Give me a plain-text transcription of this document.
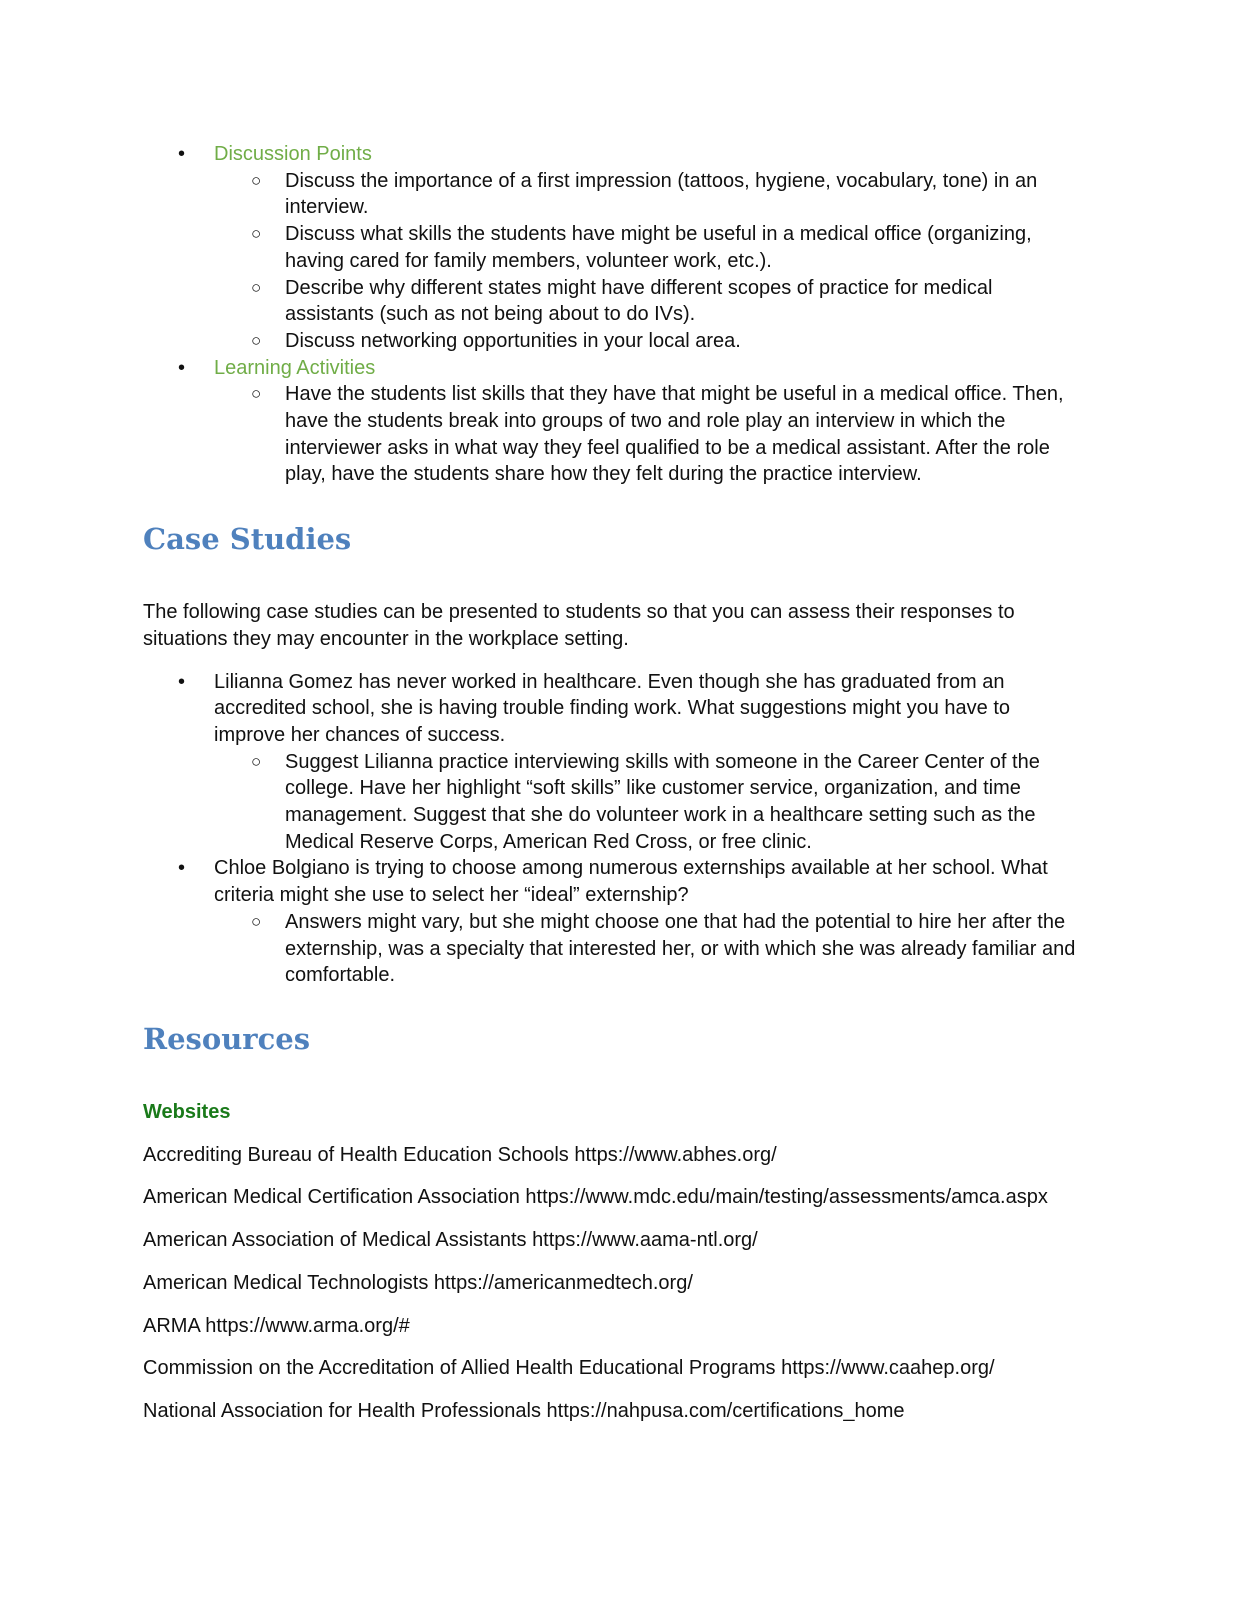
• Discussion Points
○ Discuss the importance of a first impression (tattoos, hygiene, vocabulary, tone) in an interview.
○ Discuss what skills the students have might be useful in a medical office (organizing, having cared for family members, volunteer work, etc.).
○ Describe why different states might have different scopes of practice for medical assistants (such as not being about to do IVs).
○ Discuss networking opportunities in your local area.
• Learning Activities
○ Have the students list skills that they have that might be useful in a medical office. Then, have the students break into groups of two and role play an interview in which the interviewer asks in what way they feel qualified to be a medical assistant. After the role play, have the students share how they felt during the practice interview.
Case Studies

The following case studies can be presented to students so that you can assess their responses to situations they may encounter in the workplace setting.

• Lilianna Gomez has never worked in healthcare. Even though she has graduated from an accredited school, she is having trouble finding work. What suggestions might you have to improve her chances of success.
○ Suggest Lilianna practice interviewing skills with someone in the Career Center of the college. Have her highlight “soft skills” like customer service, organization, and time management. Suggest that she do volunteer work in a healthcare setting such as the Medical Reserve Corps, American Red Cross, or free clinic.
• Chloe Bolgiano is trying to choose among numerous externships available at her school. What criteria might she use to select her “ideal” externship?
○ Answers might vary, but she might choose one that had the potential to hire her after the externship, was a specialty that interested her, or with which she was already familiar and comfortable.
Resources
Websites
Accrediting Bureau of Health Education Schools https://www.abhes.org/
American Medical Certification Association https://www.mdc.edu/main/testing/assessments/amca.aspx
American Association of Medical Assistants https://www.aama-ntl.org/
American Medical Technologists https://americanmedtech.org/
ARMA https://www.arma.org/#
Commission on the Accreditation of Allied Health Educational Programs https://www.caahep.org/
National Association for Health Professionals https://nahpusa.com/certifications_home
